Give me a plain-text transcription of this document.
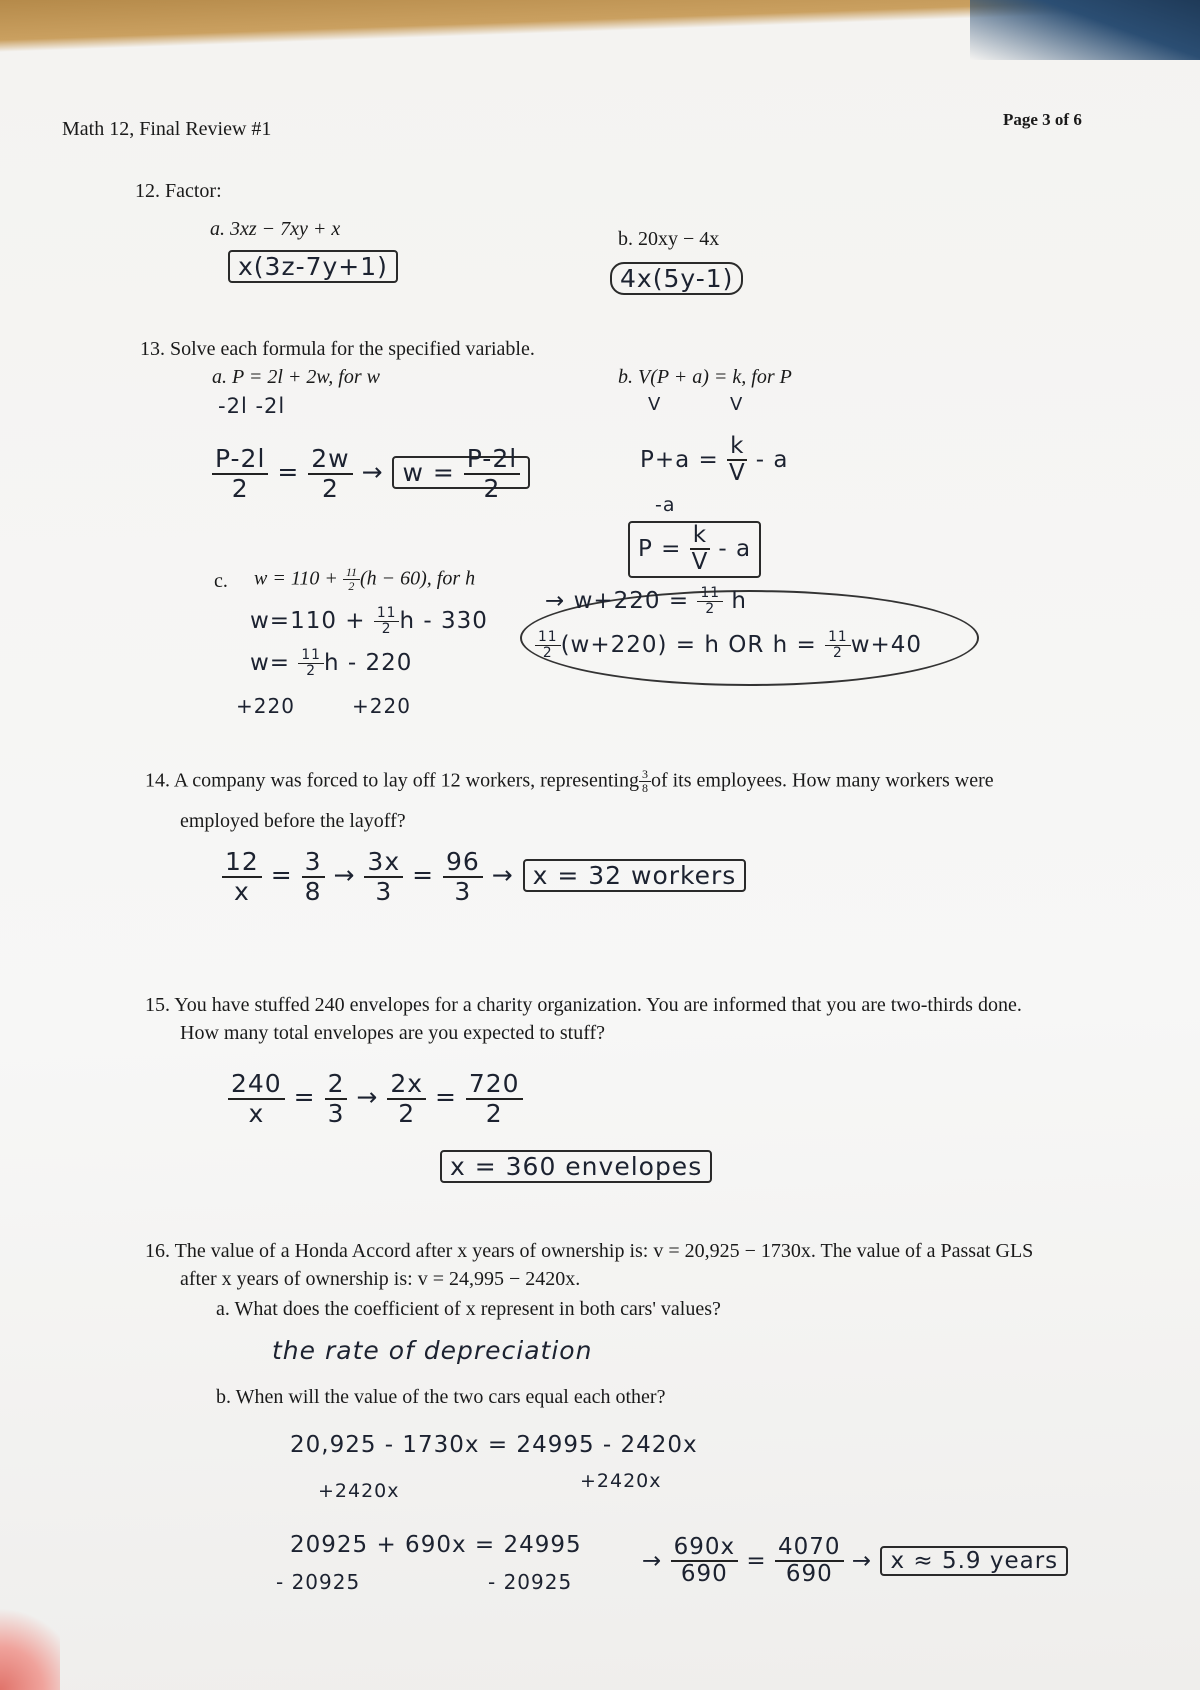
Math 12, Final Review #1	Page 3 of 6
12. Factor:
a. 3xz − 7xy + x
x(3z-7y+1)
b. 20xy − 4x
4x(5y-1)
13. Solve each formula for the specified variable.
a. P = 2l + 2w, for w
-2l -2l
$\frac{P-2l}{2} = \frac{2w}{2} \to w = \frac{P-2l}{2}$
b. V(P + a) = k, for P
V	V
$P+a = \frac{k}{V} - a$
-a
$P = \frac{k}{V} - a$
c. $w = 110 + \frac{11}{2} (h - 60)$, for h
$w=110 + \frac{11}{2}$ h - 330
$w= \frac{11}{2}$ h - 220
+220	+220
→ $w+220 = \frac{11}{2}$ h
$\frac{11}{2} (w+220) = h$ OR $h = \frac{11}{2} w+40$
14. A company was forced to lay off 12 workers, representing $\frac{3}{8}$ of its employees. How many workers were
employed before the layoff?
$\frac{12}{x} = \frac{3}{8} \to \frac{3x}{3} = \frac{96}{3} \to x = 32$ workers
15. You have stuffed 240 envelopes for a charity organization. You are informed that you are two-thirds done.
How many total envelopes are you expected to stuff?
$\frac{240}{x} = \frac{2}{3} \to \frac{2x}{2} = \frac{720}{2}$
x = 360 envelopes
16. The value of a Honda Accord after x years of ownership is: v = 20,925 − 1730x. The value of a Passat GLS
after x years of ownership is: v = 24,995 − 2420x.
a. What does the coefficient of x represent in both cars' values?
the rate of depreciation
b. When will the value of the two cars equal each other?
20,925 - 1730x = 24995 - 2420x
+2420x	+2420x
20925 + 690x = 24995
- 20925	- 20925
→ $\frac{690x}{690} = \frac{4070}{690} \to x \approx 5.9$ years
